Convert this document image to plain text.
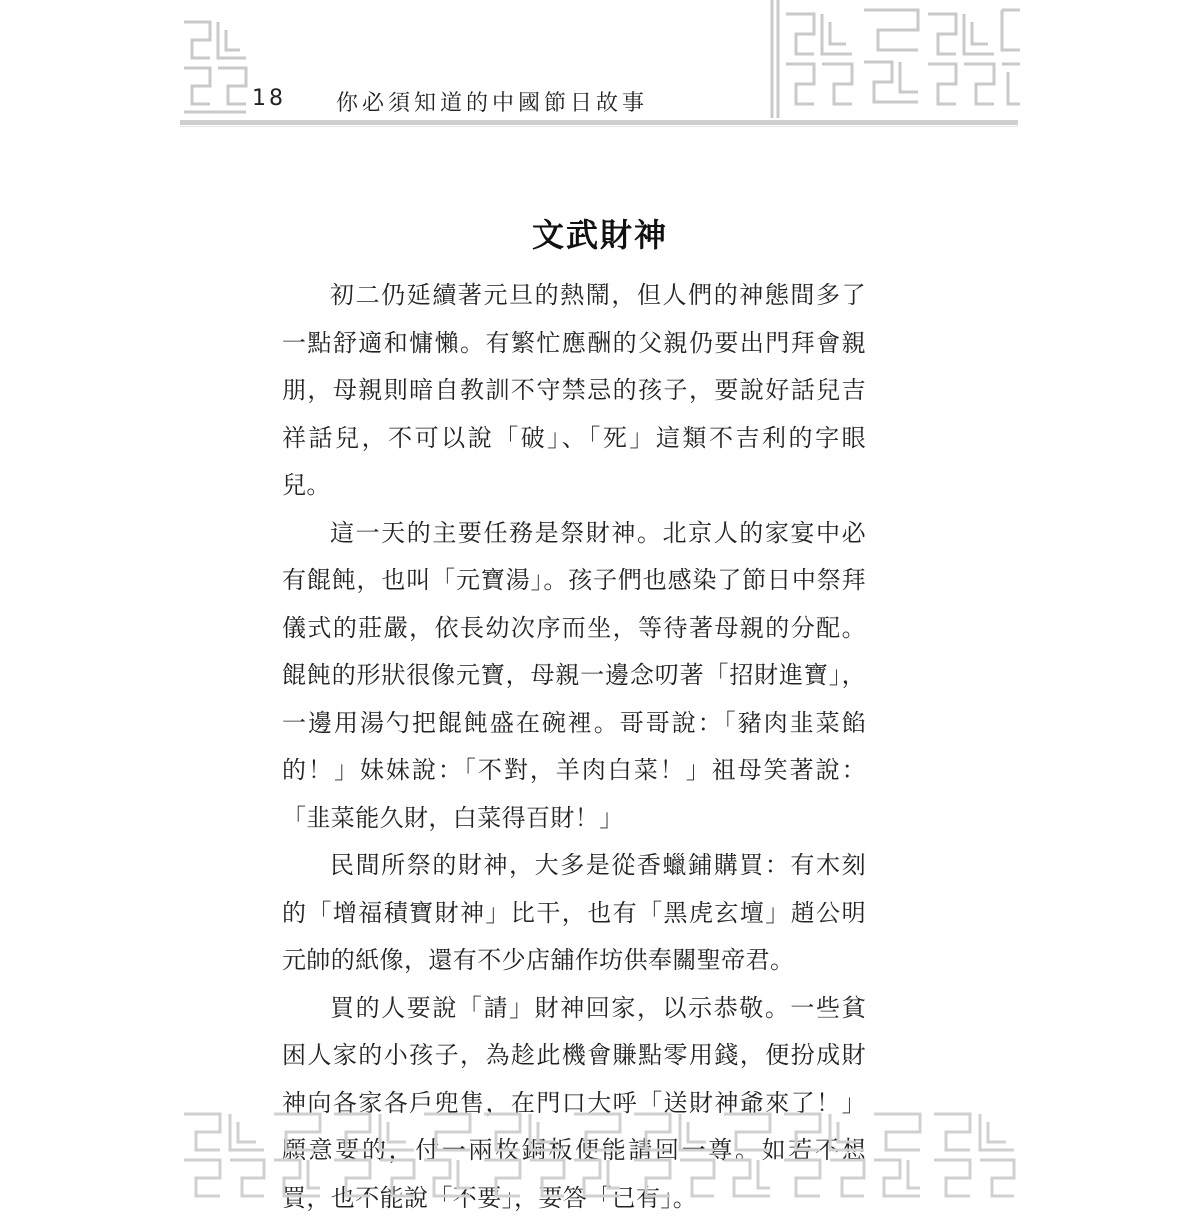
18 你必須知道的中國節日故事
文武財神

初二仍延續著元旦的熱鬧，但人們的神態間多了一點舒適和慵懶。有繁忙應酬的父親仍要出門拜會親朋，母親則暗自教訓不守禁忌的孩子，要說好話兒吉祥話兒，不可以說「破」、「死」這類不吉利的字眼兒。

這一天的主要任務是祭財神。北京人的家宴中必有餛飩，也叫「元寶湯」。孩子們也感染了節日中祭拜儀式的莊嚴，依長幼次序而坐，等待著母親的分配。餛飩的形狀很像元寶，母親一邊念叨著「招財進寶」，一邊用湯勺把餛飩盛在碗裡。哥哥說：「豬肉韭菜餡的！」妹妹說：「不對，羊肉白菜！」祖母笑著說：「韭菜能久財，白菜得百財！」

民間所祭的財神，大多是從香蠟鋪購買：有木刻的「增福積寶財神」比干，也有「黑虎玄壇」趙公明元帥的紙像，還有不少店舖作坊供奉關聖帝君。

買的人要說「請」財神回家，以示恭敬。一些貧困人家的小孩子，為趁此機會賺點零用錢，便扮成財神向各家各戶兜售，在門口大呼「送財神爺來了！」願意要的，付一兩枚銅板便能請回一尊。如若不想買，也不能說「不要」，要答「已有」。
